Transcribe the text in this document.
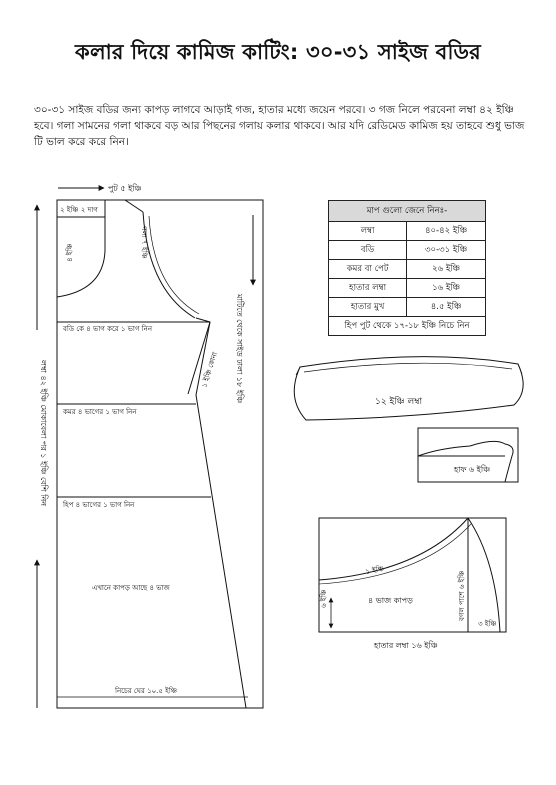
কলার দিয়ে কামিজ কাটিং: ৩০-৩১ সাইজ বডির
৩০-৩১ সাইজ বডির জন্য কাপড় লাগবে আড়াই গজ, হাতার মধ্যে জয়েন পরবে। ৩ গজ নিলে পরবেনা লম্বা ৪২ ইঞ্চি হবে। গলা সামনের গলা থাকবে বড় আর পিছনের গলায় কলার থাকবে। আর যদি রেডিমেড কামিজ হয় তাহবে শুধু ভাজ টি ভাল করে করে নিন।
পুট ৫ ইঞ্চি
২ ইঞ্চি ২ দাগ
৪ ইঞ্চি	গলা ৭ ইঞ্চি
মাটিতে থেকে সাইড ঢালা ১৮ ইঞ্চি
১ ইঞ্চি কোনা
লম্বা ৪২ ইঞ্চি মোকাবেলা পর ১ ইঞ্চি বেশি নিন
বডি কে ৪ ভাগ করে ১ ভাগ নিন
কমর ৪ ভাগের ১ ভাগ নিন
হিপ ৪ ভাগের ১ ভাগ নিন
এখানে কাপড় আছে ৪ ভাজ
নিচের ঘের ১০.৫ ইঞ্চি
১২ ইঞ্চি লম্বা
হাফ ৬ ইঞ্চি
১ ইঞ্চি
৬ ইঞ্চি	৪ ভাজ কাপড়	বগল পাশে ৬ ইঞ্চি
৩ ইঞ্চি
হাতার লম্বা ১৬ ইঞ্চি
মাপ গুলো জেনে নিনঃ-	
লম্বা	৪০-৪২ ইঞ্চি
বডি	৩০-৩১ ইঞ্চি
কমর বা পেট	২৬ ইঞ্চি
হাতার লম্বা	১৬ ইঞ্চি
হাতার মুখ	৪.৫ ইঞ্চি
হিপ পুট থেকে ১৭-১৮ ইঞ্চি নিচে নিন	
